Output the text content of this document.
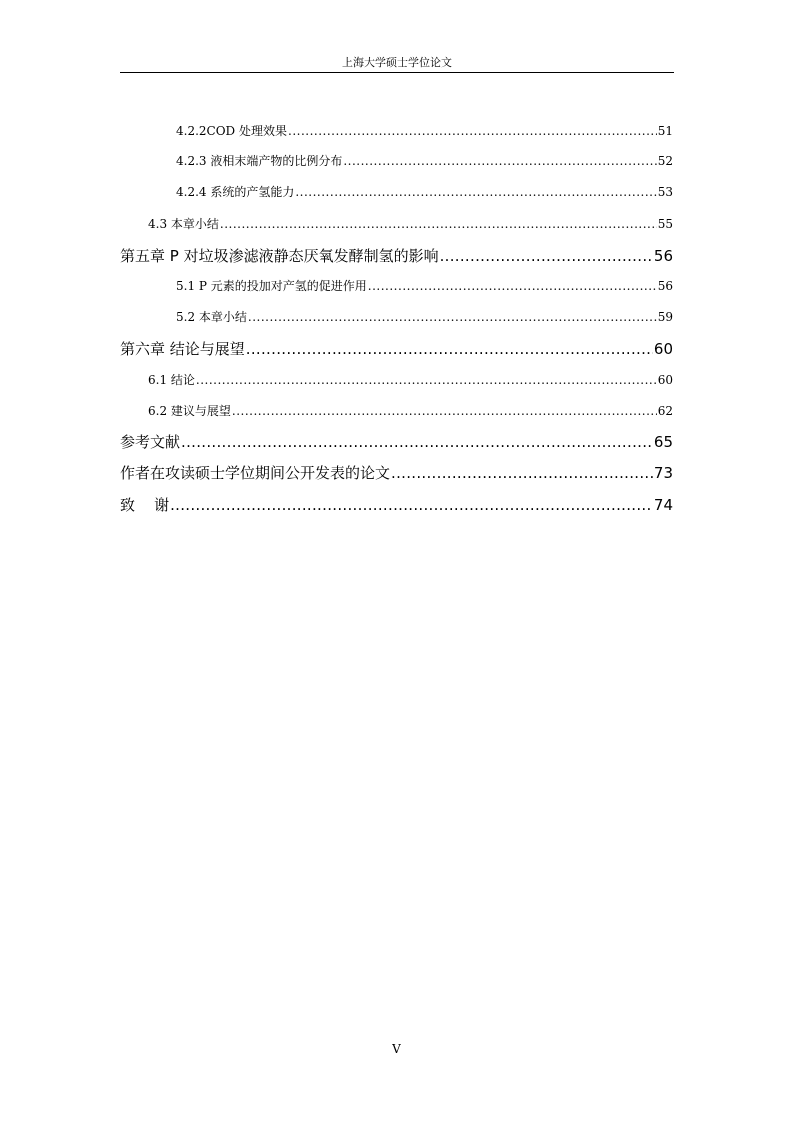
上海大学硕士学位论文
4.2.2COD 处理效果 .....	51
4.2.3 液相末端产物的比例分布 .....	52
4.2.4 系统的产氢能力 .....	53
4.3 本章小结 .....	55
第五章 P 对垃圾渗滤液静态厌氧发酵制氢的影响 .....	56
5.1 P 元素的投加对产氢的促进作用 .....	56
5.2 本章小结 .....	59
第六章 结论与展望 .....	60
6.1 结论 .....	60
6.2 建议与展望 .....	62
参考文献 .....	65
作者在攻读硕士学位期间公开发表的论文 .....	73
致    谢 .....	74
V
